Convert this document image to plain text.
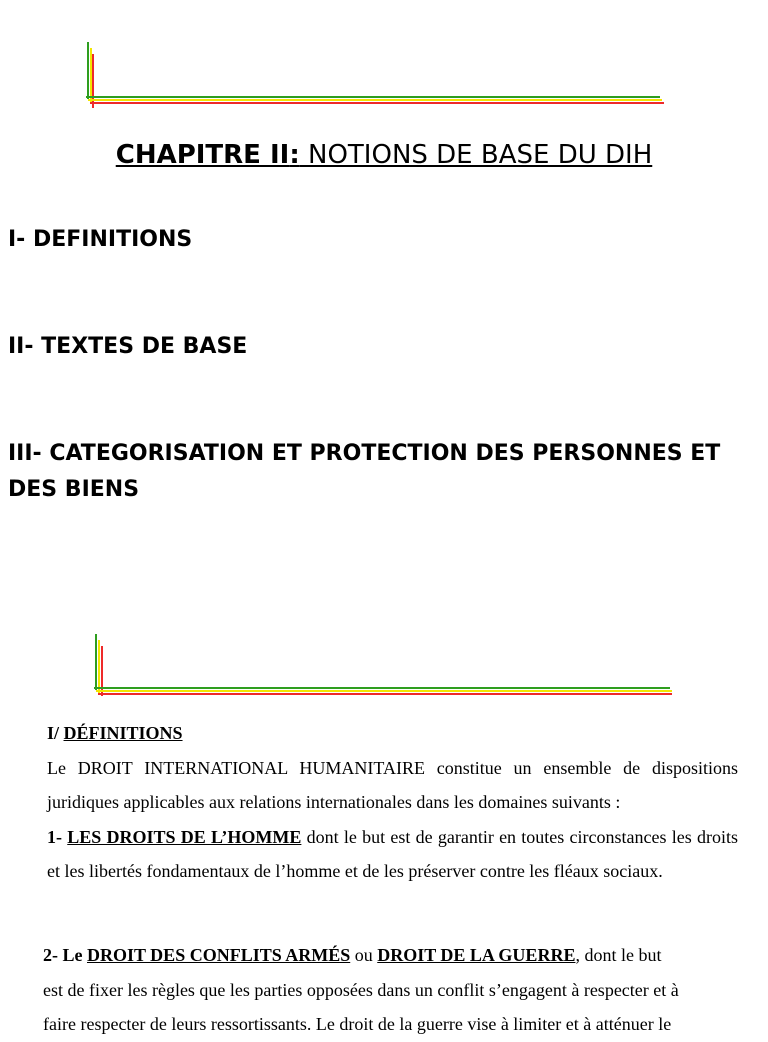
CHAPITRE II: NOTIONS DE BASE DU DIH
I- DEFINITIONS
II- TEXTES DE BASE
III- CATEGORISATION ET PROTECTION DES PERSONNES ET DES BIENS
I/ DÉFINITIONS
Le DROIT INTERNATIONAL HUMANITAIRE constitue un ensemble de dispositions juridiques applicables aux relations internationales dans les domaines suivants :
1- LES DROITS DE L’HOMME dont le but est de garantir en toutes circonstances les droits et les libertés fondamentaux de l’homme et de les préserver contre les fléaux sociaux.
2- Le DROIT DES CONFLITS ARMÉS ou DROIT DE LA GUERRE, dont le but
est de fixer les règles que les parties opposées dans un conflit s’engagent à respecter et à
faire respecter de leurs ressortissants. Le droit de la guerre vise à limiter et à atténuer le
